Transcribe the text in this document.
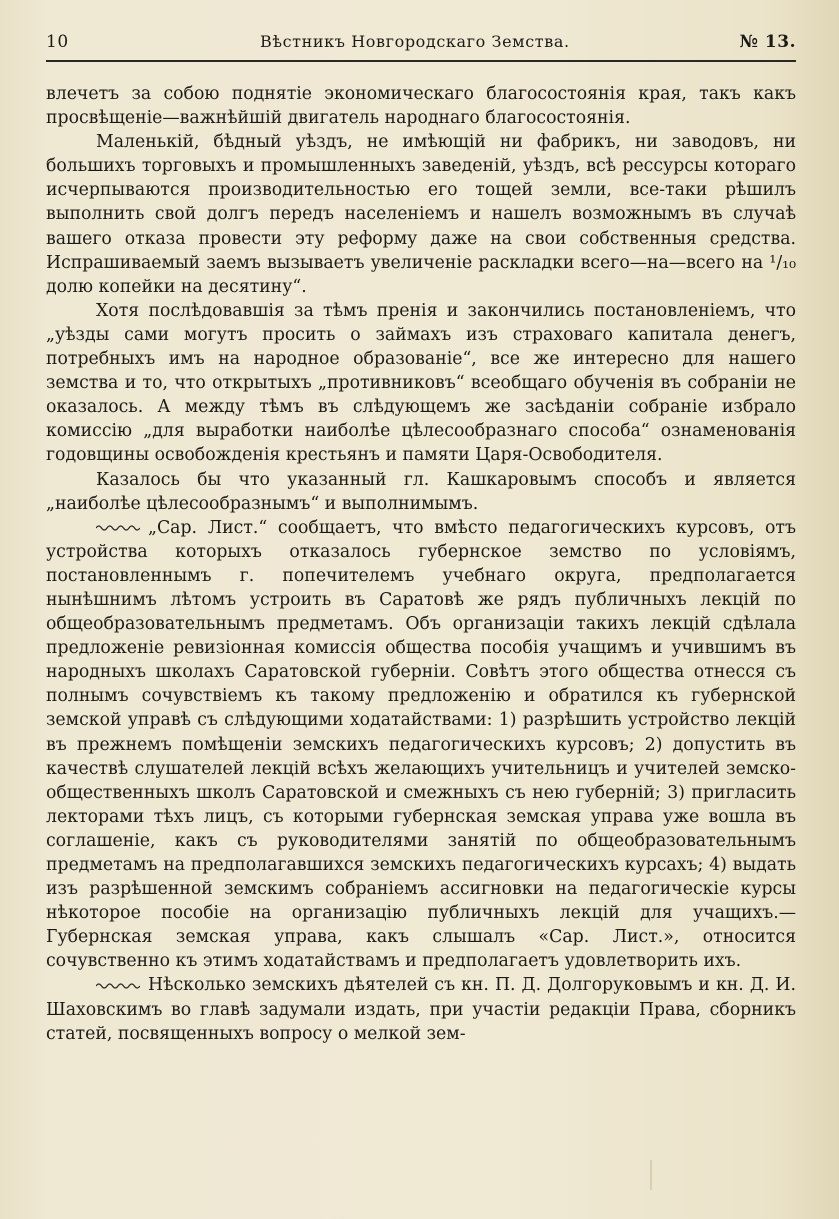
10	Вѣстникъ Новгородскаго Земства.	№ 13.

влечетъ за собою поднятіе экономическаго благосостоянія края, такъ какъ просвѣщеніе—важнѣйшій двигатель народнаго благосостоянія.

Маленькій, бѣдный уѣздъ, не имѣющій ни фабрикъ, ни заводовъ, ни большихъ торговыхъ и промышленныхъ заведеній, уѣздъ, всѣ рессурсы котораго исчерпываются производительностью его тощей земли, все-таки рѣшилъ выполнить свой долгъ передъ населеніемъ и нашелъ возможнымъ въ случаѣ вашего отказа провести эту реформу даже на свои собственныя средства. Испрашиваемый заемъ вызываетъ увеличеніе раскладки всего—на—всего на ¹/₁₀ долю копейки на десятину“.

Хотя послѣдовавшія за тѣмъ пренія и закончились постановленіемъ, что „уѣзды сами могутъ просить о займахъ изъ страховаго капитала денегъ, потребныхъ имъ на народное образованіе“, все же интересно для нашего земства и то, что открытыхъ „противниковъ“ всеобщаго обученія въ собраніи не оказалось. А между тѣмъ въ слѣдующемъ же засѣданіи собраніе избрало комиссію „для выработки наиболѣе цѣлесообразнаго способа“ ознаменованія годовщины освобожденія крестьянъ и памяти Царя-Освободителя.

Казалось бы что указанный гл. Кашкаровымъ способъ и является „наиболѣе цѣлесообразнымъ“ и выполнимымъ.

„Сар. Лист.“ сообщаетъ, что вмѣсто педагогическихъ курсовъ, отъ устройства которыхъ отказалось губернское земство по условіямъ, постановленнымъ г. попечителемъ учебнаго округа, предполагается нынѣшнимъ лѣтомъ устроить въ Саратовѣ же рядъ публичныхъ лекцій по общеобразовательнымъ предметамъ. Объ организаціи такихъ лекцій сдѣлала предложеніе ревизіонная комиссія общества пособія учащимъ и учившимъ въ народныхъ школахъ Саратовской губерніи. Совѣтъ этого общества отнесся съ полнымъ сочувствіемъ къ такому предложенію и обратился къ губернской земской управѣ съ слѣдующими ходатайствами: 1) разрѣшить устройство лекцій въ прежнемъ помѣщеніи земскихъ педагогическихъ курсовъ; 2) допустить въ качествѣ слушателей лекцій всѣхъ желающихъ учительницъ и учителей земско-общественныхъ школъ Саратовской и смежныхъ съ нею губерній; 3) пригласить лекторами тѣхъ лицъ, съ которыми губернская земская управа уже вошла въ соглашеніе, какъ съ руководителями занятій по общеобразовательнымъ предметамъ на предполагавшихся земскихъ педагогическихъ курсахъ; 4) выдать изъ разрѣшенной земскимъ собраніемъ ассигновки на педагогическіе курсы нѣкоторое пособіе на организацію публичныхъ лекцій для учащихъ.—Губернская земская управа, какъ слышалъ «Сар. Лист.», относится сочувственно къ этимъ ходатайствамъ и предполагаетъ удовлетворить ихъ.

Нѣсколько земскихъ дѣятелей съ кн. П. Д. Долгоруковымъ и кн. Д. И. Шаховскимъ во главѣ задумали издать, при участіи редакціи Права, сборникъ статей, посвященныхъ вопросу о мелкой зем-
